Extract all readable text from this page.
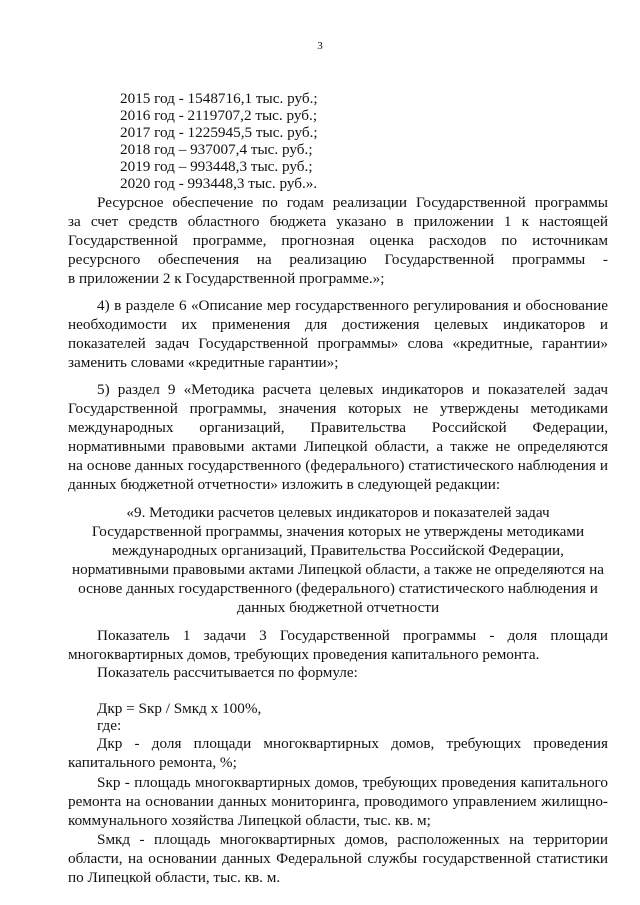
3
2015 год - 1548716,1 тыс. руб.;
2016 год - 2119707,2 тыс. руб.;
2017 год - 1225945,5 тыс. руб.;
2018 год – 937007,4 тыс. руб.;
2019 год – 993448,3 тыс. руб.;
2020 год - 993448,3 тыс. руб.».
Ресурсное обеспечение по годам реализации Государственной программы
за счет средств областного бюджета указано в приложении 1 к настоящей
Государственной программе, прогнозная оценка расходов по источникам
ресурсного обеспечения на реализацию Государственной программы -
в приложении 2 к Государственной программе.»;
4) в разделе 6 «Описание мер государственного регулирования и обоснование
необходимости их применения для достижения целевых индикаторов и
показателей задач Государственной программы» слова «кредитные, гарантии»
заменить словами «кредитные гарантии»;
5) раздел 9 «Методика расчета целевых индикаторов и показателей задач
Государственной программы, значения которых не утверждены методиками
международных организаций, Правительства Российской Федерации,
нормативными правовыми актами Липецкой области, а также не определяются
на основе данных государственного (федерального) статистического наблюдения и
данных бюджетной отчетности» изложить в следующей редакции:
«9. Методики расчетов целевых индикаторов и показателей задач
Государственной программы, значения которых не утверждены методиками
международных организаций, Правительства Российской Федерации,
нормативными правовыми актами Липецкой области, а также не определяются на
основе данных государственного (федерального) статистического наблюдения и
данных бюджетной отчетности
Показатель 1 задачи 3 Государственной программы - доля площади
многоквартирных домов, требующих проведения капитального ремонта.
Показатель рассчитывается по формуле:
Дкр = Sкр / Sмкд х 100%,
где:
Дкр - доля площади многоквартирных домов, требующих проведения
капитального ремонта, %;
Sкр - площадь многоквартирных домов, требующих проведения капитального
ремонта на основании данных мониторинга, проводимого управлением жилищно-
коммунального хозяйства Липецкой области, тыс. кв. м;
Sмкд - площадь многоквартирных домов, расположенных на территории
области, на основании данных Федеральной службы государственной статистики
по Липецкой области, тыс. кв. м.
